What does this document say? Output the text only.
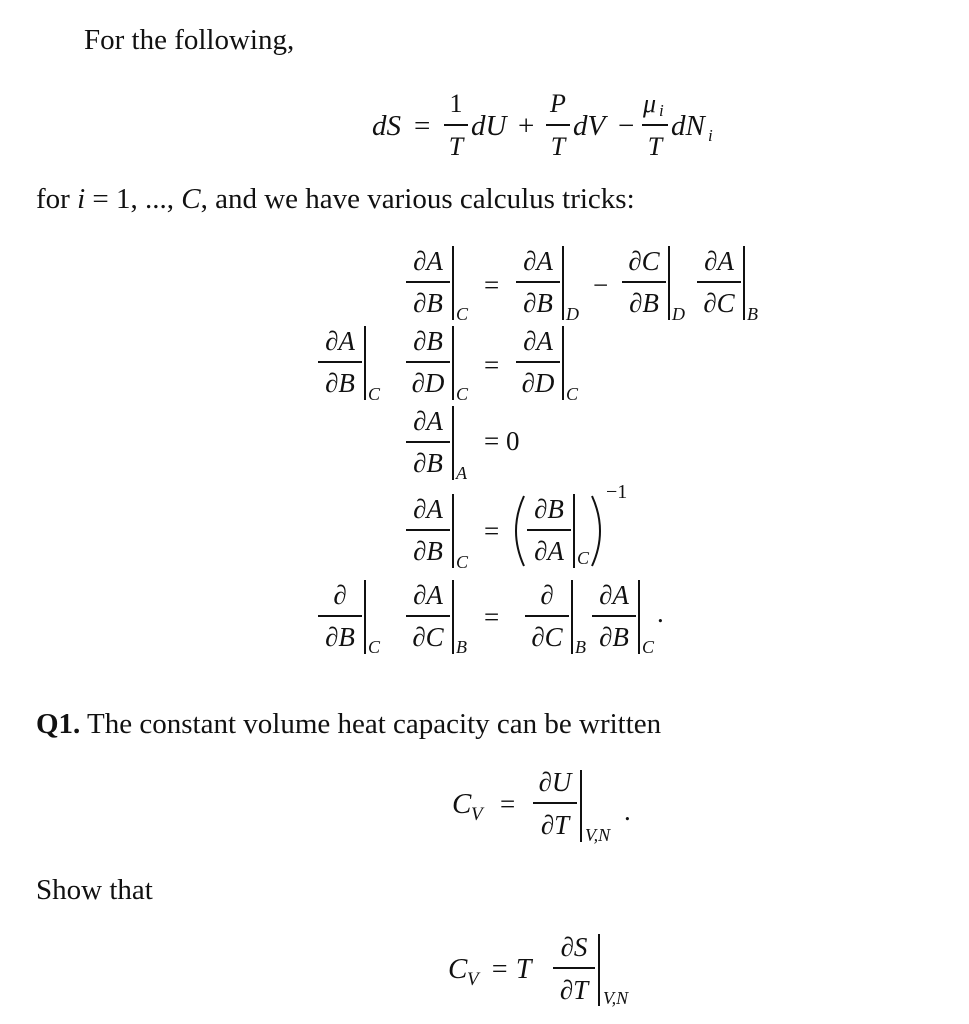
For the following,
dS =
1
T
dU +
P
T
dV −
μ i
T
dN i
for i = 1, ..., C, and we have various calculus tricks:
∂A
∂B C
=
∂A
∂B D
−
∂C
∂B D
∂A
∂C B
∂A
∂B C
∂B
∂D C
=
∂A
∂D C
∂A
∂B A
= 0
∂A
∂B C
=
∂B
∂A C
−1
∂
∂B C
∂A
∂C B
=
∂
∂C B
∂A
∂B C
.
Q1. The constant volume heat capacity can be written
C V =
∂U
∂T V,N
.
Show that
C V = T
∂S
∂T V,N
